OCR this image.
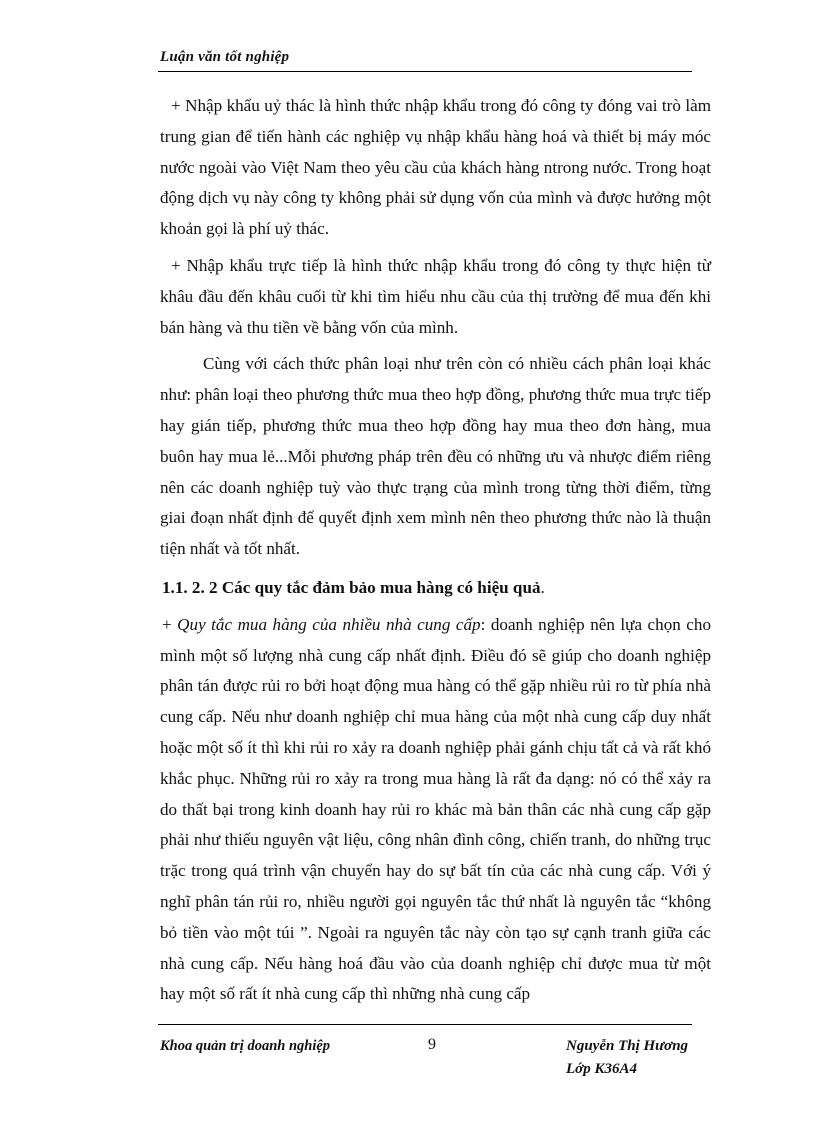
Luận văn tốt nghiệp

+ Nhập khẩu uỷ thác là hình thức nhập khẩu trong đó công ty đóng vai trò làm trung gian để tiến hành các nghiệp vụ nhập khẩu hàng hoá và thiết bị máy móc nước ngoài vào Việt Nam theo yêu cầu của khách hàng ntrong nước. Trong hoạt động dịch vụ này công ty không phải sử dụng vốn của mình và được hưởng một khoản gọi là phí uỷ thác.

+ Nhập khẩu trực tiếp là hình thức nhập khẩu trong đó công ty thực hiện từ khâu đầu đến khâu cuối từ khi tìm hiểu nhu cầu của thị trường để mua đến khi bán hàng và thu tiền về bằng vốn của mình.

Cùng với cách thức phân loại như trên còn có nhiều cách phân loại khác như: phân loại theo phương thức mua theo hợp đồng, phương thức mua trực tiếp hay gián tiếp, phương thức mua theo hợp đồng hay mua theo đơn hàng, mua buôn hay mua lẻ...Mỗi phương pháp trên đều có những ưu và nhược điểm riêng nên các doanh nghiệp tuỳ vào thực trạng của mình trong từng thời điểm, từng giai đoạn nhất định để quyết định xem mình nên theo phương thức nào là thuận tiện nhất và tốt nhất.

1.1. 2. 2 Các quy tắc đảm bảo mua hàng có hiệu quả.

+ Quy tắc mua hàng của nhiều nhà cung cấp: doanh nghiệp nên lựa chọn cho mình một số lượng nhà cung cấp nhất định. Điều đó sẽ giúp cho doanh nghiệp phân tán được rủi ro bởi hoạt động mua hàng có thể gặp nhiều rủi ro từ phía nhà cung cấp. Nếu như doanh nghiệp chỉ mua hàng của một nhà cung cấp duy nhất hoặc một số ít thì khi rủi ro xảy ra doanh nghiệp phải gánh chịu tất cả và rất khó khắc phục. Những rủi ro xảy ra trong mua hàng là rất đa dạng: nó có thể xảy ra do thất bại trong kinh doanh hay rủi ro khác mà bản thân các nhà cung cấp gặp phải như thiếu nguyên vật liệu, công nhân đình công, chiến tranh, do những trục trặc trong quá trình vận chuyển hay do sự bất tín của các nhà cung cấp. Với ý nghĩ phân tán rủi ro, nhiều người gọi nguyên tắc thứ nhất là nguyên tắc “không bỏ tiền vào một túi ”. Ngoài ra nguyên tắc này còn tạo sự cạnh tranh giữa các nhà cung cấp. Nếu hàng hoá đầu vào của doanh nghiệp chỉ được mua từ một hay một số rất ít nhà cung cấp thì những nhà cung cấp

Khoa quản trị doanh nghiệp	9	Nguyễn Thị Hương
Lớp K36A4
